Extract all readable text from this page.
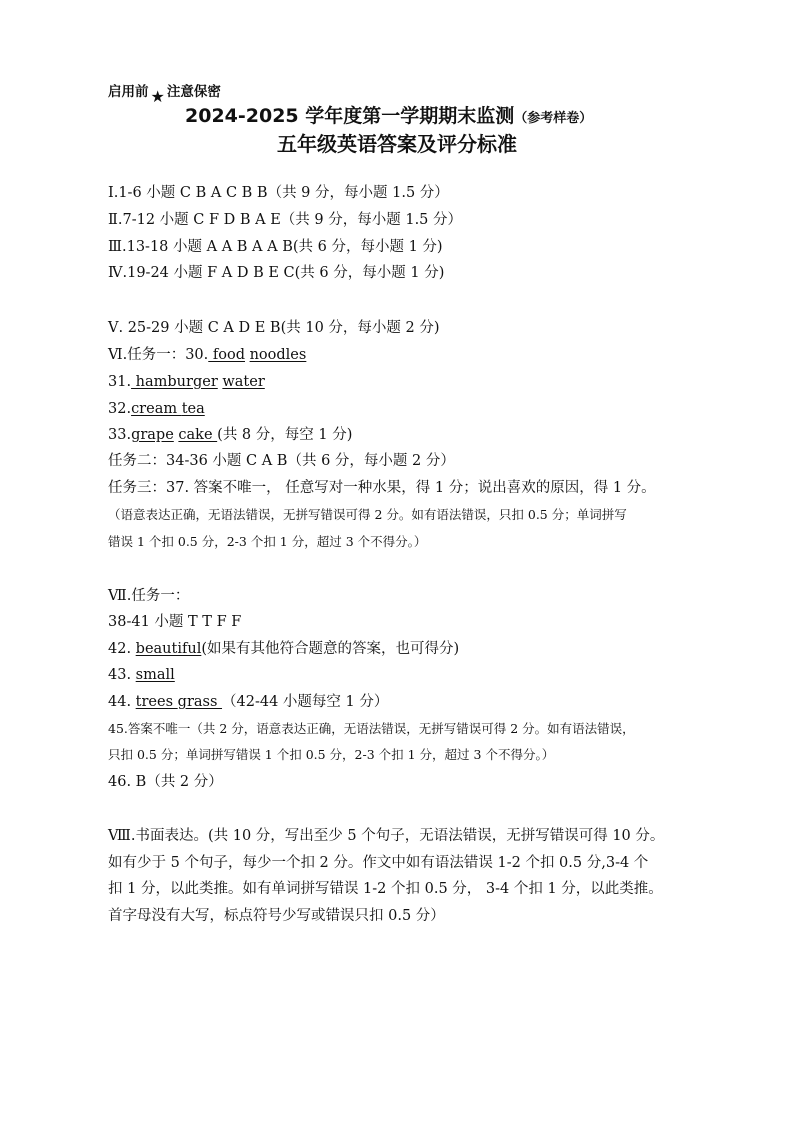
启用前 ★ 注意保密
2024-2025 学年度第一学期期末监测（参考样卷）
五年级英语答案及评分标准
Ⅰ.1-6 小题 C B A C B B（共 9 分，每小题 1.5 分）
Ⅱ.7-12 小题 C F D B A E（共 9 分，每小题 1.5 分）
Ⅲ.13-18 小题 A A B A A B(共 6 分，每小题 1 分)
Ⅳ.19-24 小题 F A D B E C(共 6 分，每小题 1 分)
Ⅴ. 25-29 小题 C A D E B(共 10 分，每小题 2 分)
Ⅵ.任务一：30. food noodles
31. hamburger water
32.cream tea
33.grape cake (共 8 分，每空 1 分)
任务二：34-36 小题 C A B（共 6 分，每小题 2 分）
任务三：37. 答案不唯一， 任意写对一种水果，得 1 分；说出喜欢的原因，得 1 分。
（语意表达正确，无语法错误，无拼写错误可得 2 分。如有语法错误，只扣 0.5 分；单词拼写
错误 1 个扣 0.5 分，2-3 个扣 1 分，超过 3 个不得分。）
Ⅶ.任务一：
38-41 小题 T T F F
42. beautiful(如果有其他符合题意的答案，也可得分)
43. small
44. trees grass （42-44 小题每空 1 分）
45.答案不唯一（共 2 分，语意表达正确，无语法错误，无拼写错误可得 2 分。如有语法错误，
只扣 0.5 分；单词拼写错误 1 个扣 0.5 分，2-3 个扣 1 分，超过 3 个不得分。）
46. B（共 2 分）
Ⅷ.书面表达。(共 10 分，写出至少 5 个句子，无语法错误，无拼写错误可得 10 分。
如有少于 5 个句子，每少一个扣 2 分。作文中如有语法错误 1-2 个扣 0.5 分,3-4 个
扣 1 分，以此类推。如有单词拼写错误 1-2 个扣 0.5 分， 3-4 个扣 1 分，以此类推。
首字母没有大写，标点符号少写或错误只扣 0.5 分）
